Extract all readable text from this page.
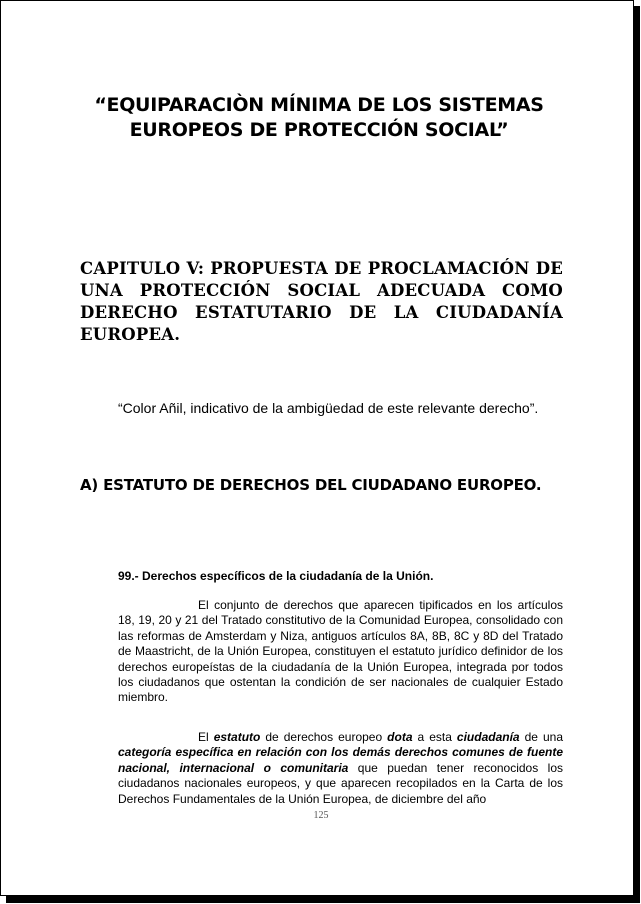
“EQUIPARACIÒN MÍNIMA DE LOS SISTEMAS
EUROPEOS DE PROTECCIÓN SOCIAL”
CAPITULO V: PROPUESTA DE PROCLAMACIÓN DE UNA PROTECCIÓN SOCIAL ADECUADA COMO DERECHO ESTATUTARIO DE LA CIUDADANÍA EUROPEA.

“Color Añil, indicativo de la ambigüedad de este relevante derecho”.

A) ESTATUTO DE DERECHOS DEL CIUDADANO EUROPEO.
99.- Derechos específicos de la ciudadanía de la Unión.

El conjunto de derechos que aparecen tipificados en los artículos 18, 19, 20 y 21 del Tratado constitutivo de la Comunidad Europea, consolidado con las reformas de Amsterdam y Niza, antiguos artículos 8A, 8B, 8C y 8D del Tratado de Maastricht, de la Unión Europea, constituyen el estatuto jurídico definidor de los derechos europeístas de la ciudadanía de la Unión Europea, integrada por todos los ciudadanos que ostentan la condición de ser nacionales de cualquier Estado miembro.

El estatuto de derechos europeo dota a esta ciudadanía de una categoría específica en relación con los demás derechos comunes de fuente nacional, internacional o comunitaria que puedan tener reconocidos los ciudadanos nacionales europeos, y que aparecen recopilados en la Carta de los Derechos Fundamentales de la Unión Europea, de diciembre del año

125
